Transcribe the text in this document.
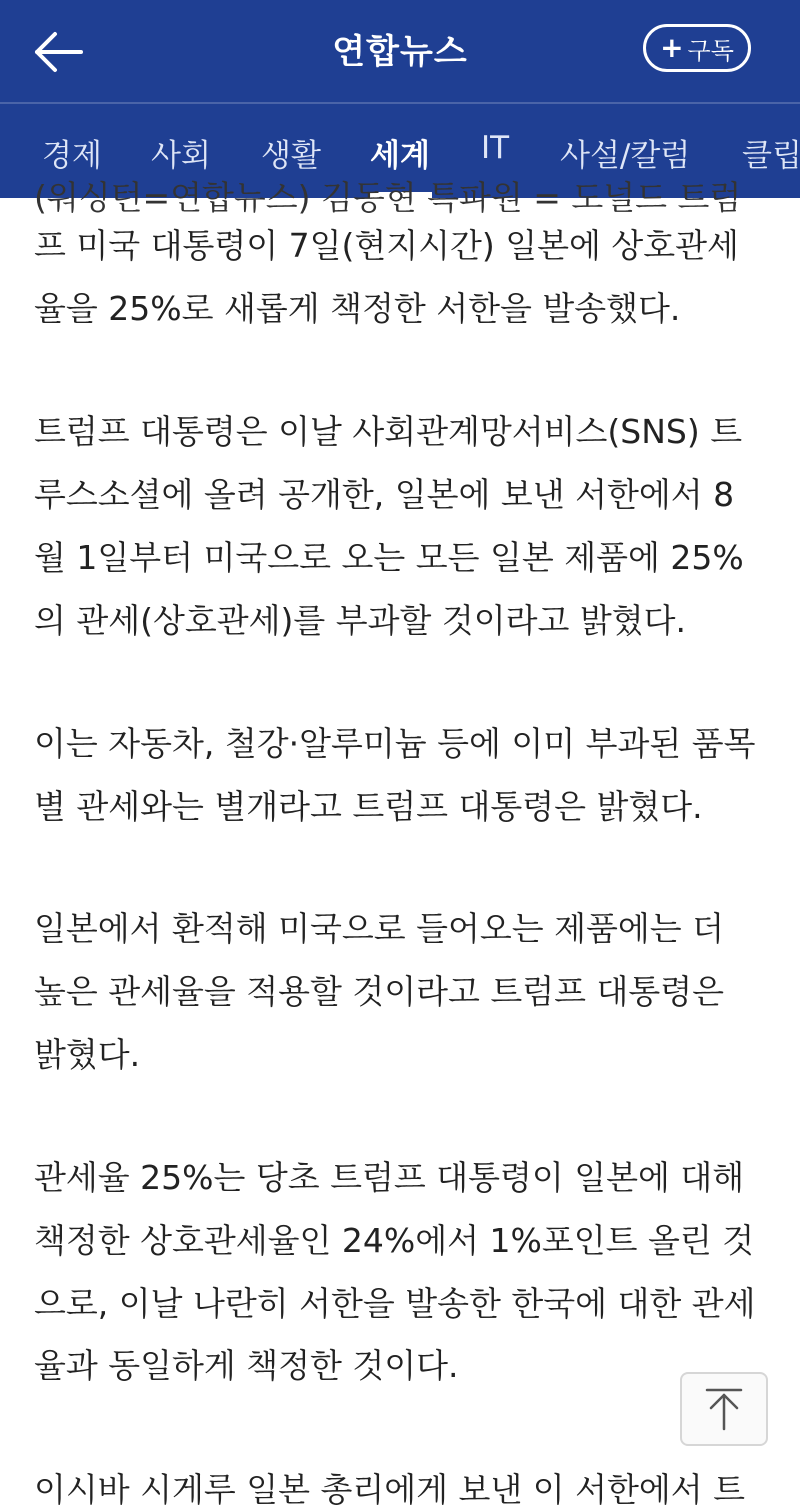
연합뉴스	+ 구독
경제 사회 생활 세계 IT 사설/칼럼 클립
(워싱턴=연합뉴스) 김동현 특파원 = 도널드 트럼
프 미국 대통령이 7일(현지시간) 일본에 상호관세
율을 25%로 새롭게 책정한 서한을 발송했다.
트럼프 대통령은 이날 사회관계망서비스(SNS) 트
루스소셜에 올려 공개한, 일본에 보낸 서한에서 8
월 1일부터 미국으로 오는 모든 일본 제품에 25%
의 관세(상호관세)를 부과할 것이라고 밝혔다.
이는 자동차, 철강·알루미늄 등에 이미 부과된 품목
별 관세와는 별개라고 트럼프 대통령은 밝혔다.
일본에서 환적해 미국으로 들어오는 제품에는 더
높은 관세율을 적용할 것이라고 트럼프 대통령은
밝혔다.
관세율 25%는 당초 트럼프 대통령이 일본에 대해
책정한 상호관세율인 24%에서 1%포인트 올린 것
으로, 이날 나란히 서한을 발송한 한국에 대한 관세
율과 동일하게 책정한 것이다.
이시바 시게루 일본 총리에게 보낸 이 서한에서 트
